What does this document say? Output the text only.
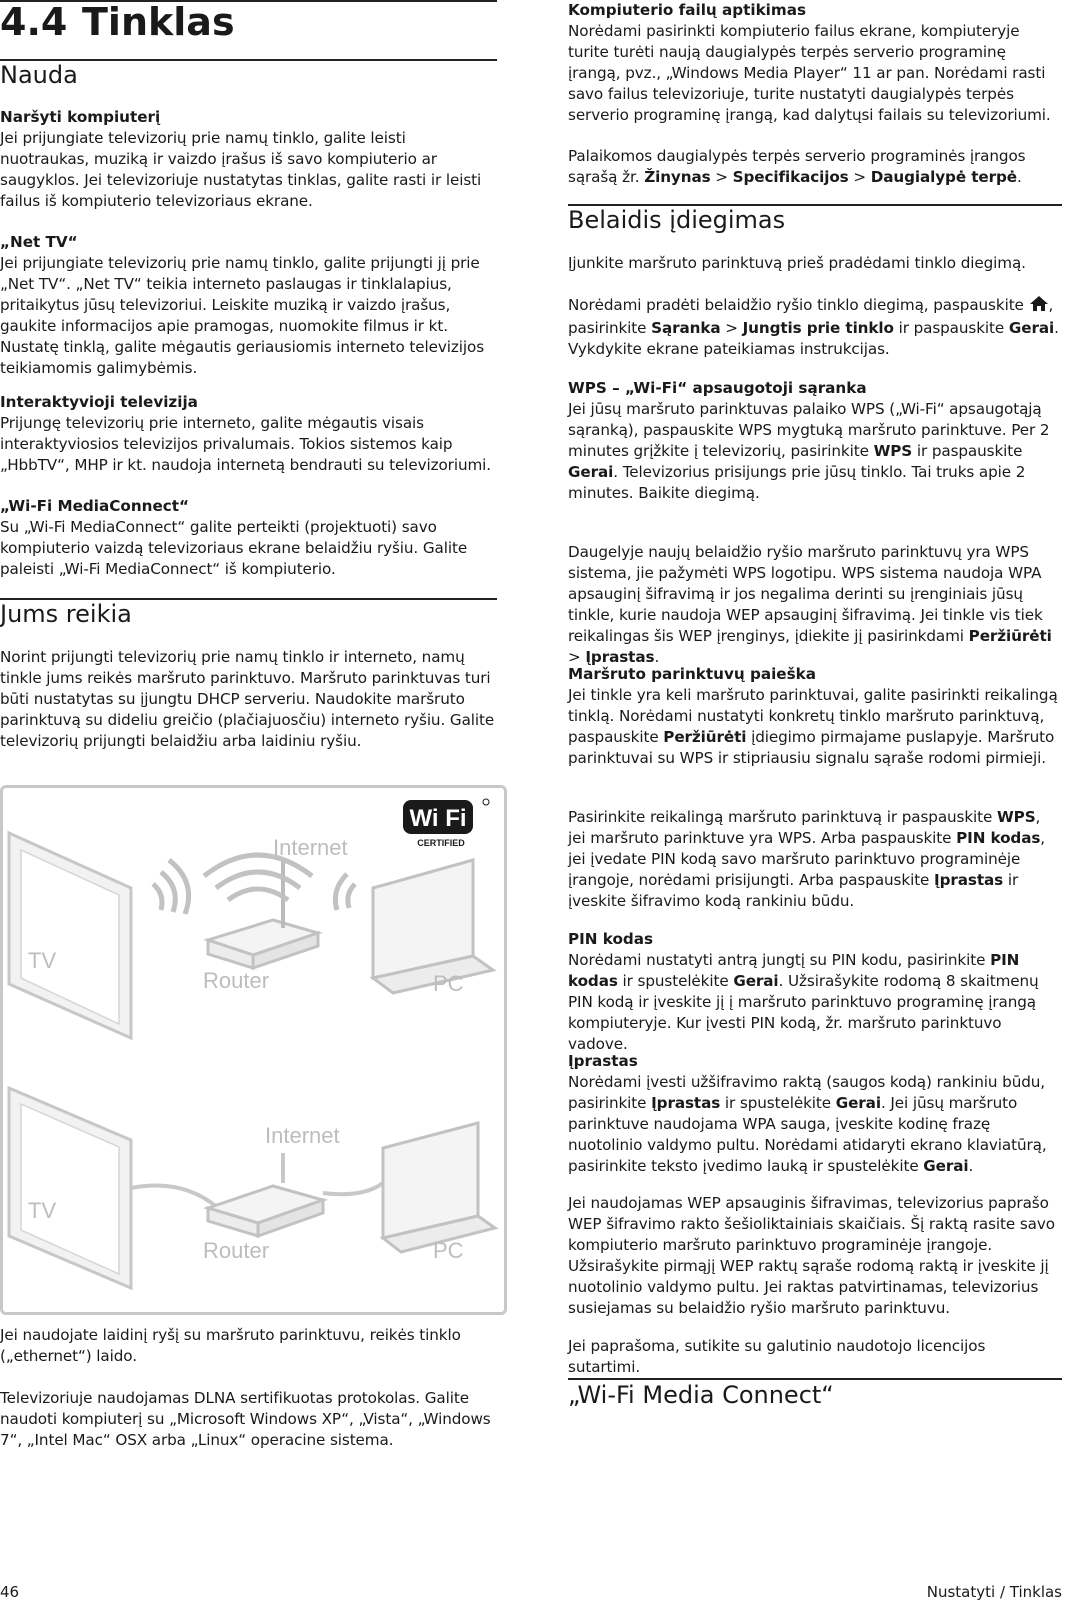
4.4 Tinklas
Nauda
Naršyti kompiuterį

Jei prijungiate televizorių prie namų tinklo, galite leisti nuotraukas, muziką ir vaizdo įrašus iš savo kompiuterio ar saugyklos. Jei televizoriuje nustatytas tinklas, galite rasti ir leisti failus iš kompiuterio televizoriaus ekrane.

„Net TV“

Jei prijungiate televizorių prie namų tinklo, galite prijungti jį prie „Net TV“. „Net TV“ teikia interneto paslaugas ir tinklalapius, pritaikytus jūsų televizoriui. Leiskite muziką ir vaizdo įrašus, gaukite informacijos apie pramogas, nuomokite filmus ir kt. Nustatę tinklą, galite mėgautis geriausiomis interneto televizijos teikiamomis galimybėmis.

Interaktyvioji televizija

Prijungę televizorių prie interneto, galite mėgautis visais interaktyviosios televizijos privalumais. Tokios sistemos kaip „HbbTV“, MHP ir kt. naudoja internetą bendrauti su televizoriumi.

„Wi-Fi MediaConnect“

Su „Wi-Fi MediaConnect“ galite perteikti (projektuoti) savo kompiuterio vaizdą televizoriaus ekrane belaidžiu ryšiu. Galite paleisti „Wi-Fi MediaConnect“ iš kompiuterio.

Jums reikia

Norint prijungti televizorių prie namų tinklo ir interneto, namų tinkle jums reikės maršruto parinktuvo. Maršruto parinktuvas turi būti nustatytas su įjungtu DHCP serveriu. Naudokite maršruto parinktuvą su dideliu greičio (plačiajuosčiu) interneto ryšiu. Galite televizorių prijungti belaidžiu arba laidiniu ryšiu.

Jei naudojate laidinį ryšį su maršruto parinktuvu, reikės tinklo („ethernet“) laido.

Televizoriuje naudojamas DLNA sertifikuotas protokolas. Galite naudoti kompiuterį su „Microsoft Windows XP“, „Vista“, „Windows 7“, „Intel Mac“ OSX arba „Linux“ operacine sistema.

Wi Fi
CERTIFIED
Internet
Router	PC
TV
TV
Internet
Router	PC
Kompiuterio failų aptikimas

Norėdami pasirinkti kompiuterio failus ekrane, kompiuteryje turite turėti naują daugialypės terpės serverio programinę įrangą, pvz., „Windows Media Player“ 11 ar pan. Norėdami rasti savo failus televizoriuje, turite nustatyti daugialypės terpės serverio programinę įrangą, kad dalytųsi failais su televizoriumi.

Palaikomos daugialypės terpės serverio programinės įrangos sąrašą žr. Žinynas > Specifikacijos > Daugialypė terpė.

Belaidis įdiegimas

Įjunkite maršruto parinktuvą prieš pradėdami tinklo diegimą.

Norėdami pradėti belaidžio ryšio tinklo diegimą, paspauskite , pasirinkite Sąranka > Jungtis prie tinklo ir paspauskite Gerai. Vykdykite ekrane pateikiamas instrukcijas.

WPS – „Wi-Fi“ apsaugotoji sąranka

Jei jūsų maršruto parinktuvas palaiko WPS („Wi-Fi“ apsaugotąją sąranką), paspauskite WPS mygtuką maršruto parinktuve. Per 2 minutes grįžkite į televizorių, pasirinkite WPS ir paspauskite Gerai. Televizorius prisijungs prie jūsų tinklo. Tai truks apie 2 minutes. Baikite diegimą.

Daugelyje naujų belaidžio ryšio maršruto parinktuvų yra WPS sistema, jie pažymėti WPS logotipu. WPS sistema naudoja WPA apsauginį šifravimą ir jos negalima derinti su įrenginiais jūsų tinkle, kurie naudoja WEP apsauginį šifravimą. Jei tinkle vis tiek reikalingas šis WEP įrenginys, įdiekite jį pasirinkdami Peržiūrėti > Įprastas.

Maršruto parinktuvų paieška

Jei tinkle yra keli maršruto parinktuvai, galite pasirinkti reikalingą tinklą. Norėdami nustatyti konkretų tinklo maršruto parinktuvą, paspauskite Peržiūrėti įdiegimo pirmajame puslapyje. Maršruto parinktuvai su WPS ir stipriausiu signalu sąraše rodomi pirmieji.

Pasirinkite reikalingą maršruto parinktuvą ir paspauskite WPS, jei maršruto parinktuve yra WPS. Arba paspauskite PIN kodas, jei įvedate PIN kodą savo maršruto parinktuvo programinėje įrangoje, norėdami prisijungti. Arba paspauskite Įprastas ir įveskite šifravimo kodą rankiniu būdu.

PIN kodas

Norėdami nustatyti antrą jungtį su PIN kodu, pasirinkite PIN kodas ir spustelėkite Gerai. Užsirašykite rodomą 8 skaitmenų PIN kodą ir įveskite jį į maršruto parinktuvo programinę įrangą kompiuteryje. Kur įvesti PIN kodą, žr. maršruto parinktuvo vadove.

Įprastas

Norėdami įvesti užšifravimo raktą (saugos kodą) rankiniu būdu, pasirinkite Įprastas ir spustelėkite Gerai. Jei jūsų maršruto parinktuve naudojama WPA sauga, įveskite kodinę frazę nuotolinio valdymo pultu. Norėdami atidaryti ekrano klaviatūrą, pasirinkite teksto įvedimo lauką ir spustelėkite Gerai.

Jei naudojamas WEP apsauginis šifravimas, televizorius paprašo WEP šifravimo rakto šešioliktainiais skaičiais. Šį raktą rasite savo kompiuterio maršruto parinktuvo programinėje įrangoje. Užsirašykite pirmąjį WEP raktų sąraše rodomą raktą ir įveskite jį nuotolinio valdymo pultu. Jei raktas patvirtinamas, televizorius susiejamas su belaidžio ryšio maršruto parinktuvu.

Jei paprašoma, sutikite su galutinio naudotojo licencijos sutartimi.

„Wi-Fi Media Connect“
46	Nustatyti / Tinklas
